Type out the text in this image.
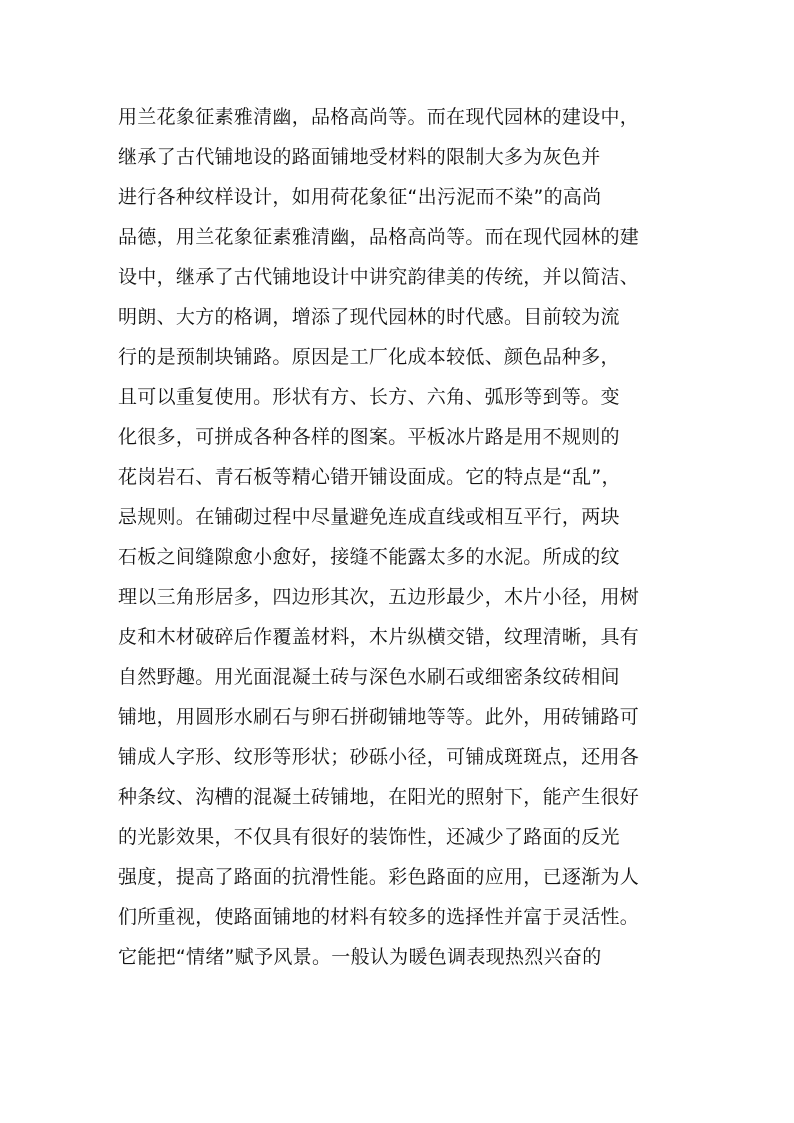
用兰花象征素雅清幽，品格高尚等。而在现代园林的建设中，
继承了古代铺地设的路面铺地受材料的限制大多为灰色并
进行各种纹样设计，如用荷花象征“出污泥而不染”的高尚
品德，用兰花象征素雅清幽，品格高尚等。而在现代园林的建
设中，继承了古代铺地设计中讲究韵律美的传统，并以简洁、
明朗、大方的格调，增添了现代园林的时代感。目前较为流
行的是预制块铺路。原因是工厂化成本较低、颜色品种多，
且可以重复使用。形状有方、长方、六角、弧形等到等。变
化很多，可拼成各种各样的图案。平板冰片路是用不规则的
花岗岩石、青石板等精心错开铺设面成。它的特点是“乱”，
忌规则。在铺砌过程中尽量避免连成直线或相互平行，两块
石板之间缝隙愈小愈好，接缝不能露太多的水泥。所成的纹
理以三角形居多，四边形其次，五边形最少，木片小径，用树
皮和木材破碎后作覆盖材料，木片纵横交错，纹理清晰，具有
自然野趣。用光面混凝土砖与深色水刷石或细密条纹砖相间
铺地，用圆形水刷石与卵石拼砌铺地等等。此外，用砖铺路可
铺成人字形、纹形等形状；砂砾小径，可铺成斑斑点，还用各
种条纹、沟槽的混凝土砖铺地，在阳光的照射下，能产生很好
的光影效果，不仅具有很好的装饰性，还减少了路面的反光
强度，提高了路面的抗滑性能。彩色路面的应用，已逐渐为人
们所重视，使路面铺地的材料有较多的选择性并富于灵活性。
它能把“情绪”赋予风景。一般认为暖色调表现热烈兴奋的
